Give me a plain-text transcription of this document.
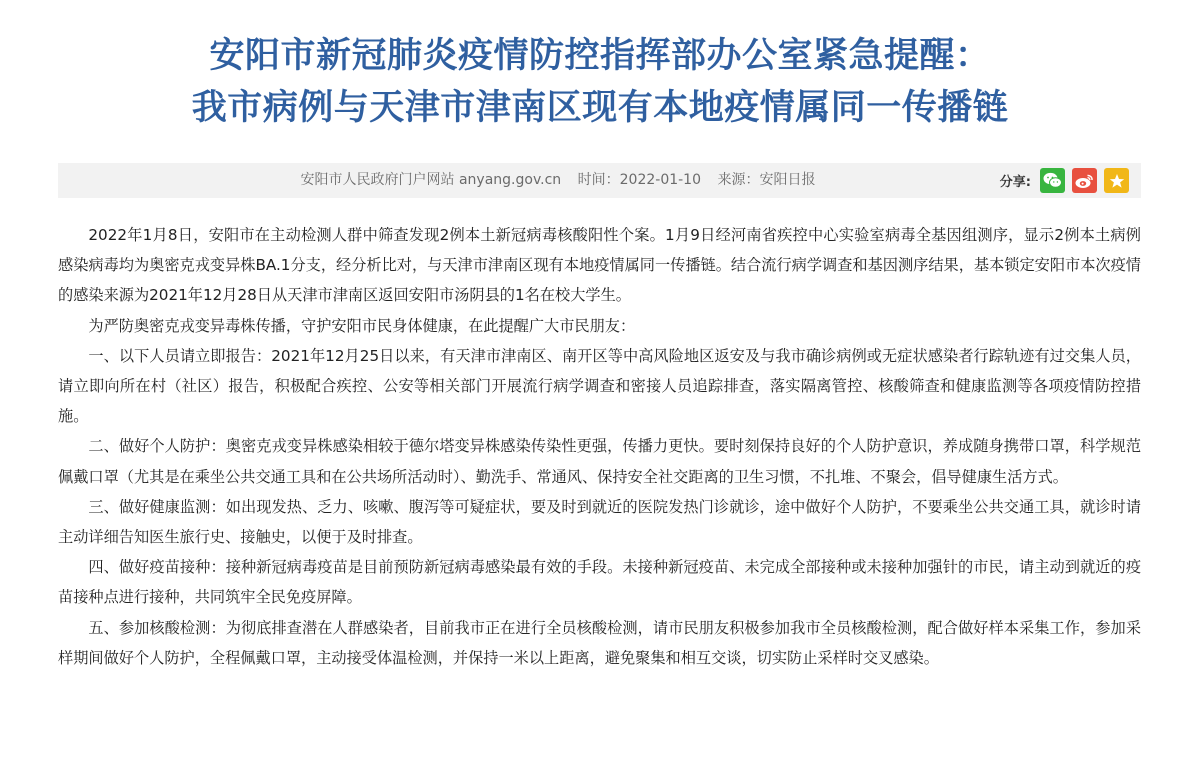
安阳市新冠肺炎疫情防控指挥部办公室紧急提醒：
我市病例与天津市津南区现有本地疫情属同一传播链
安阳市人民政府门户网站 anyang.gov.cn 时间：2022-01-10 来源：安阳日报	分享:

2022年1月8日，安阳市在主动检测人群中筛查发现2例本土新冠病毒核酸阳性个案。1月9日经河南省疾控中心实验室病毒全基因组测序，显示2例本土病例感染病毒均为奥密克戎变异株BA.1分支，经分析比对，与天津市津南区现有本地疫情属同一传播链。结合流行病学调查和基因测序结果，基本锁定安阳市本次疫情的感染来源为2021年12月28日从天津市津南区返回安阳市汤阴县的1名在校大学生。

为严防奥密克戎变异毒株传播，守护安阳市民身体健康，在此提醒广大市民朋友：

一、以下人员请立即报告：2021年12月25日以来，有天津市津南区、南开区等中高风险地区返安及与我市确诊病例或无症状感染者行踪轨迹有过交集人员，请立即向所在村（社区）报告，积极配合疾控、公安等相关部门开展流行病学调查和密接人员追踪排查，落实隔离管控、核酸筛查和健康监测等各项疫情防控措施。

二、做好个人防护：奥密克戎变异株感染相较于德尔塔变异株感染传染性更强，传播力更快。要时刻保持良好的个人防护意识，养成随身携带口罩，科学规范佩戴口罩（尤其是在乘坐公共交通工具和在公共场所活动时）、勤洗手、常通风、保持安全社交距离的卫生习惯，不扎堆、不聚会，倡导健康生活方式。

三、做好健康监测：如出现发热、乏力、咳嗽、腹泻等可疑症状，要及时到就近的医院发热门诊就诊，途中做好个人防护，不要乘坐公共交通工具，就诊时请主动详细告知医生旅行史、接触史，以便于及时排查。

四、做好疫苗接种：接种新冠病毒疫苗是目前预防新冠病毒感染最有效的手段。未接种新冠疫苗、未完成全部接种或未接种加强针的市民，请主动到就近的疫苗接种点进行接种，共同筑牢全民免疫屏障。

五、参加核酸检测：为彻底排查潜在人群感染者，目前我市正在进行全员核酸检测，请市民朋友积极参加我市全员核酸检测，配合做好样本采集工作，参加采样期间做好个人防护，全程佩戴口罩，主动接受体温检测，并保持一米以上距离，避免聚集和相互交谈，切实防止采样时交叉感染。
